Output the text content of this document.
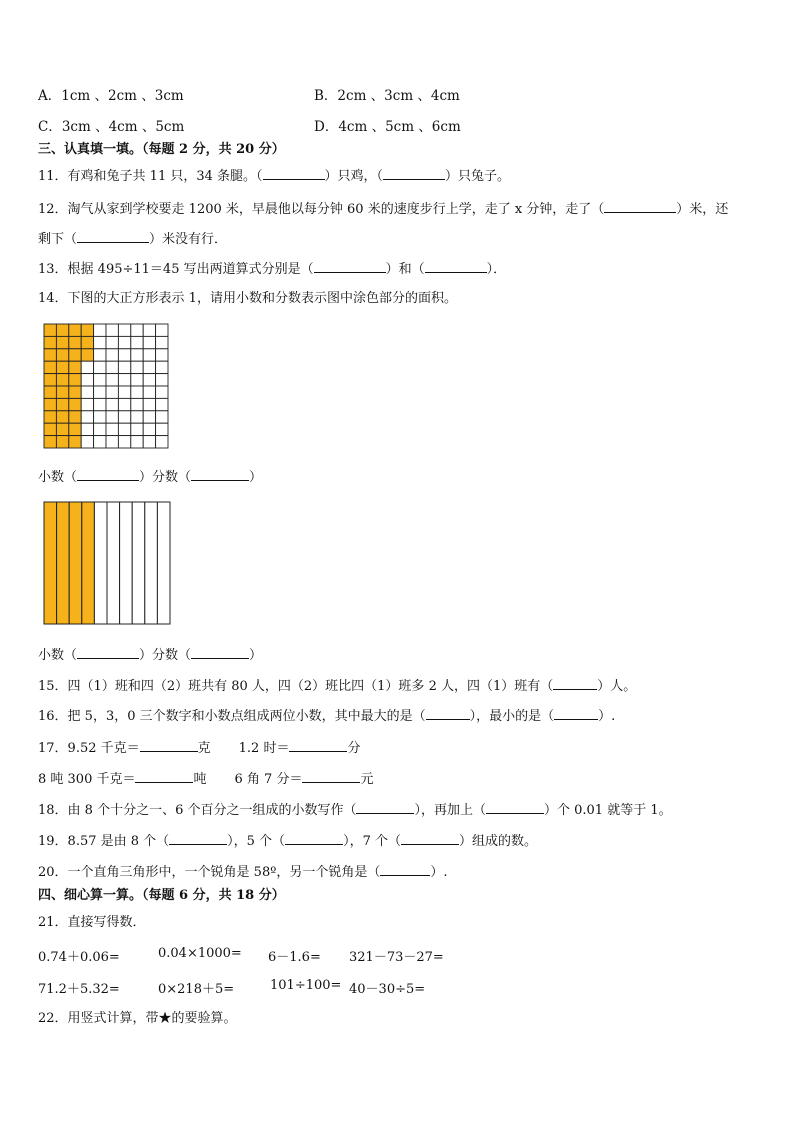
A．1cm 、2cm 、3cm	B．2cm 、3cm 、4cm
C．3cm 、4cm 、5cm	D．4cm 、5cm 、6cm
三、认真填一填。（每题 2 分，共 20 分）
11．有鸡和兔子共 11 只，34 条腿。（	）只鸡，（	）只兔子。
12．淘气从家到学校要走 1200 米，早晨他以每分钟 60 米的速度步行上学，走了 x 分钟，走了（	）米，还
剩下（	）米没有行．
13．根据 495÷11＝45 写出两道算式分别是（	）和（	）．
14．下图的大正方形表示 1，请用小数和分数表示图中涂色部分的面积。
小数（	）分数（	）
小数（	）分数（	）
15．四（1）班和四（2）班共有 80 人，四（2）班比四（1）班多 2 人，四（1）班有（	）人。
16．把 5，3，0 三个数字和小数点组成两位小数，其中最大的是（	），最小的是（	）.
17．9.52 千克＝	克 1.2 时＝	分
8 吨 300 千克＝	吨 6 角 7 分＝	元
18．由 8 个十分之一、6 个百分之一组成的小数写作（	），再加上（	）个 0.01 就等于 1。
19．8.57 是由 8 个（	），5 个（	），7 个（	）组成的数。
20．一个直角三角形中，一个锐角是 58º，另一个锐角是（	）.
四、细心算一算。（每题 6 分，共 18 分）
21．直接写得数．
0.74＋0.06=	0.04×1000= 6－1.6= 321－73－27=
71.2＋5.32=	0×218＋5=	101÷100= 40－30÷5=
22．用竖式计算，带★的要验算。
